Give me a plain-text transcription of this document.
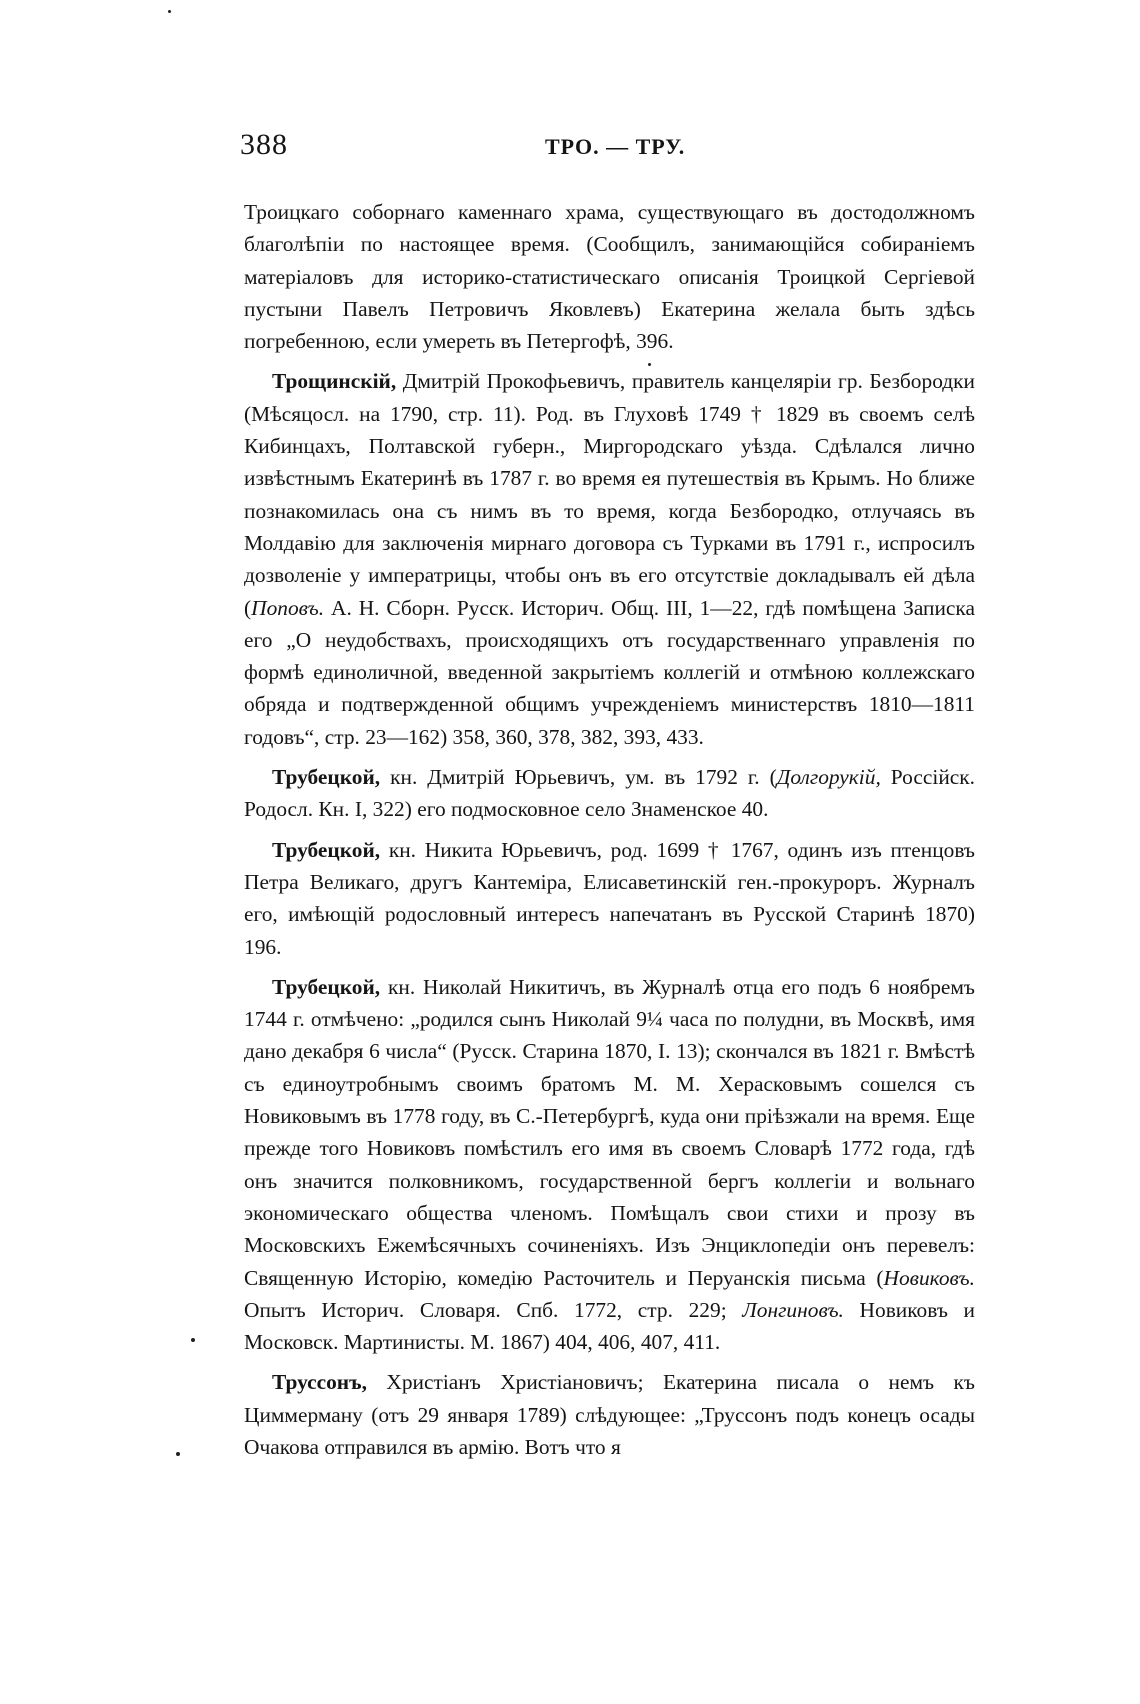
388	ТРО. — ТРУ.

Троицкаго соборнаго каменнаго храма, существующаго въ достодолжномъ благолѣпіи по настоящее время. (Сообщилъ, занимающійся собираніемъ матеріаловъ для историко-статистическаго описанія Троицкой Сергіевой пустыни Павелъ Петровичъ Яковлевъ) Екатерина желала быть здѣсь погребенною, если умереть въ Петергофѣ, 396.

Трощинскій, Дмитрій Прокофьевичъ, правитель канцеляріи гр. Безбородки (Мѣсяцосл. на 1790, стр. 11). Род. въ Глуховѣ 1749 † 1829 въ своемъ селѣ Кибинцахъ, Полтавской губерн., Миргородскаго уѣзда. Сдѣлался лично извѣстнымъ Екатеринѣ въ 1787 г. во время ея путешествія въ Крымъ. Но ближе познакомилась она съ нимъ въ то время, когда Безбородко, отлучаясь въ Молдавію для заключенія мирнаго договора съ Турками въ 1791 г., испросилъ дозволеніе у императрицы, чтобы онъ въ его отсутствіе докладывалъ ей дѣла (Поповъ. А. Н. Сборн. Русск. Историч. Общ. III, 1—22, гдѣ помѣщена Записка его „О неудобствахъ, происходящихъ отъ государственнаго управленія по формѣ единоличной, введенной закрытіемъ коллегій и отмѣною коллежскаго обряда и подтвержденной общимъ учрежденіемъ министерствъ 1810—1811 годовъ“, стр. 23—162) 358, 360, 378, 382, 393, 433.

Трубецкой, кн. Дмитрій Юрьевичъ, ум. въ 1792 г. (Долгорукій, Россійск. Родосл. Кн. I, 322) его подмосковное село Знаменское 40.

Трубецкой, кн. Никита Юрьевичъ, род. 1699 † 1767, одинъ изъ птенцовъ Петра Великаго, другъ Кантеміра, Елисаветинскій ген.-прокуроръ. Журналъ его, имѣющій родословный интересъ напечатанъ въ Русской Старинѣ 1870) 196.

Трубецкой, кн. Николай Никитичъ, въ Журналѣ отца его подъ 6 ноябремъ 1744 г. отмѣчено: „родился сынъ Николай 9¼ часа по полудни, въ Москвѣ, имя дано декабря 6 числа“ (Русск. Старина 1870, I. 13); скончался въ 1821 г. Вмѣстѣ съ единоутробнымъ своимъ братомъ М. М. Херасковымъ сошелся съ Новиковымъ въ 1778 году, въ С.-Петербургѣ, куда они пріѣзжали на время. Еще прежде того Новиковъ помѣстилъ его имя въ своемъ Словарѣ 1772 года, гдѣ онъ значится полковникомъ, государственной бергъ коллегіи и вольнаго экономическаго общества членомъ. Помѣщалъ свои стихи и прозу въ Московскихъ Ежемѣсячныхъ сочиненіяхъ. Изъ Энциклопедіи онъ перевелъ: Священную Исторію, комедію Расточитель и Перуанскія письма (Новиковъ. Опытъ Историч. Словаря. Спб. 1772, стр. 229; Лонгиновъ. Новиковъ и Московск. Мартинисты. М. 1867) 404, 406, 407, 411.

Труссонъ, Христіанъ Христіановичъ; Екатерина писала о немъ къ Циммерману (отъ 29 января 1789) слѣдующее: „Труссонъ подъ конецъ осады Очакова отправился въ армію. Вотъ что я
